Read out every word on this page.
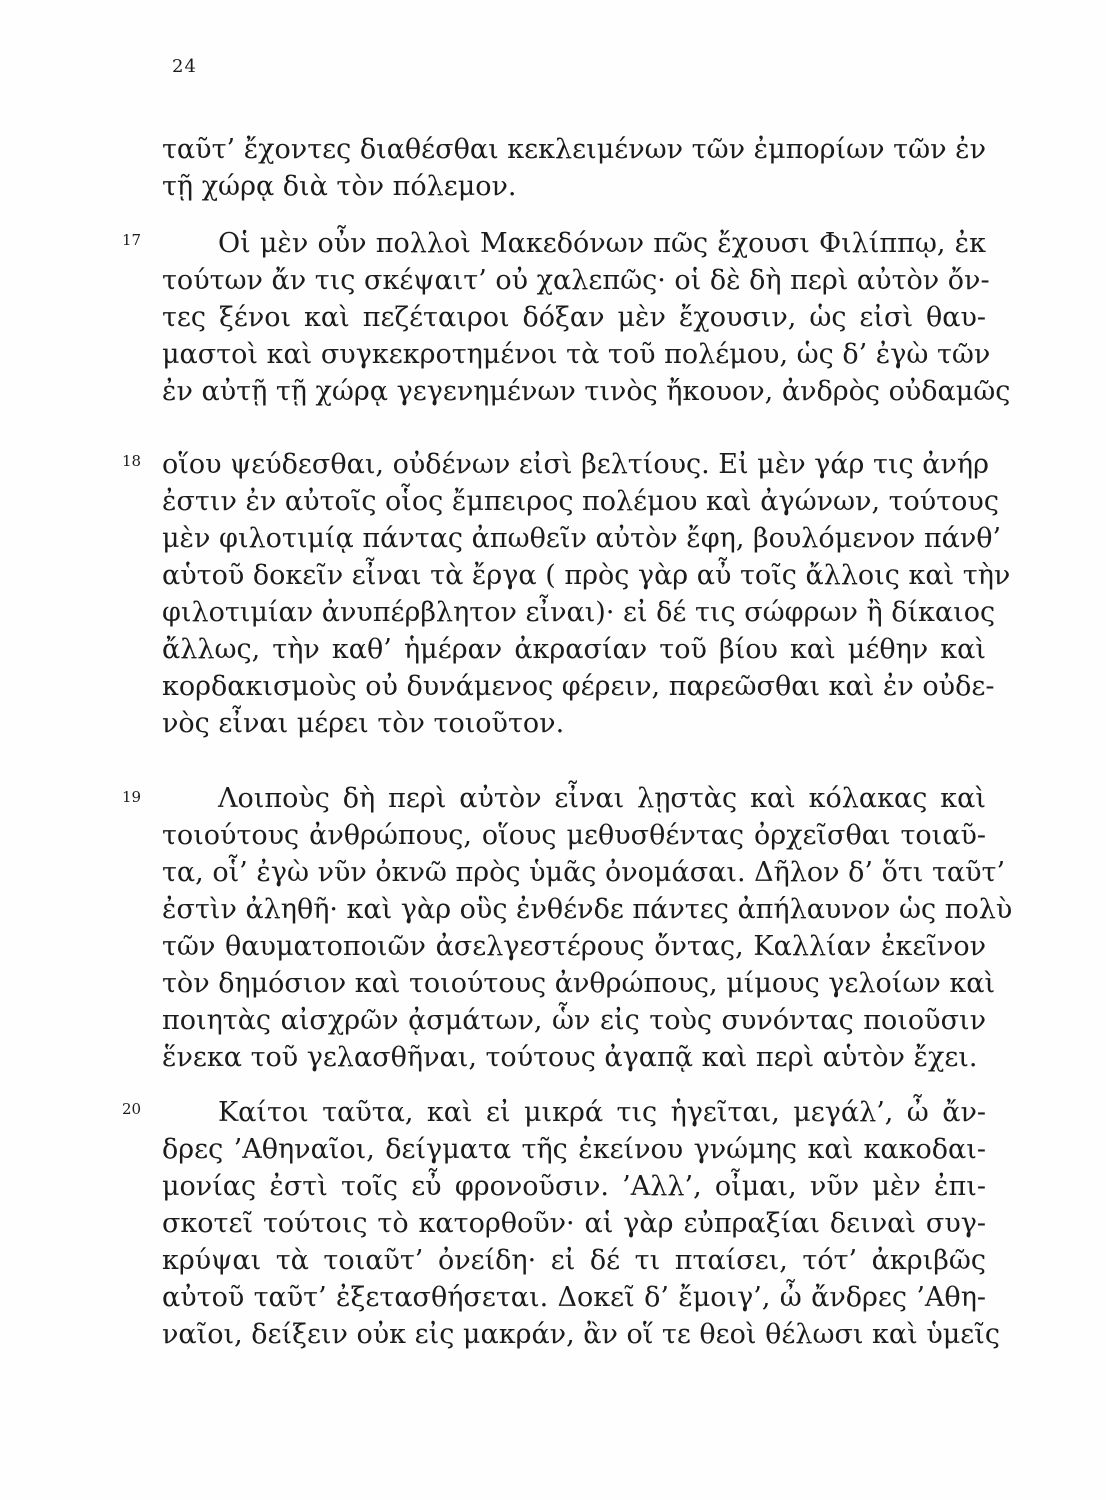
24
17
18
19
20
ταῦτ’ ἔχοντες διαθέσθαι κεκλειμένων τῶν ἐμπορίων τῶν ἐν
τῇ χώρᾳ διὰ τὸν πόλεμον.
Οἱ μὲν οὖν πολλοὶ Μακεδόνων πῶς ἔχουσι Φιλίππῳ, ἐκ
τούτων ἄν τις σκέψαιτ’ οὐ χαλεπῶς· οἱ δὲ δὴ περὶ αὐτὸν ὄν-
τες ξένοι καὶ πεζέταιροι δόξαν μὲν ἔχουσιν, ὡς εἰσὶ θαυ-
μαστοὶ καὶ συγκεκροτημένοι τὰ τοῦ πολέμου, ὡς δ’ ἐγὼ τῶν
ἐν αὐτῇ τῇ χώρᾳ γεγενημένων τινὸς ἤκουον, ἀνδρὸς οὐδαμῶς
οἵου ψεύδεσθαι, οὐδένων εἰσὶ βελτίους. Εἰ μὲν γάρ τις ἀνήρ
ἐστιν ἐν αὐτοῖς οἷος ἔμπειρος πολέμου καὶ ἀγώνων, τούτους
μὲν φιλοτιμίᾳ πάντας ἀπωθεῖν αὐτὸν ἔφη, βουλόμενον πάνθ’
αὑτοῦ δοκεῖν εἶναι τὰ ἔργα ( πρὸς γὰρ αὖ τοῖς ἄλλοις καὶ τὴν
φιλοτιμίαν ἀνυπέρβλητον εἶναι)· εἰ δέ τις σώφρων ἢ δίκαιος
ἄλλως, τὴν καθ’ ἡμέραν ἀκρασίαν τοῦ βίου καὶ μέθην καὶ
κορδακισμοὺς οὐ δυνάμενος φέρειν, παρεῶσθαι καὶ ἐν οὐδε-
νὸς εἶναι μέρει τὸν τοιοῦτον.
Λοιποὺς δὴ περὶ αὐτὸν εἶναι λῃστὰς καὶ κόλακας καὶ
τοιούτους ἀνθρώπους, οἵους μεθυσθέντας ὀρχεῖσθαι τοιαῦ-
τα, οἷ’ ἐγὼ νῦν ὀκνῶ πρὸς ὑμᾶς ὀνομάσαι. Δῆλον δ’ ὅτι ταῦτ’
ἐστὶν ἀληθῆ· καὶ γὰρ οὓς ἐνθένδε πάντες ἀπήλαυνον ὡς πολὺ
τῶν θαυματοποιῶν ἀσελγεστέρους ὄντας, Καλλίαν ἐκεῖνον
τὸν δημόσιον καὶ τοιούτους ἀνθρώπους, μίμους γελοίων καὶ
ποιητὰς αἰσχρῶν ᾀσμάτων, ὧν εἰς τοὺς συνόντας ποιοῦσιν
ἕνεκα τοῦ γελασθῆναι, τούτους ἀγαπᾷ καὶ περὶ αὑτὸν ἔχει.
Καίτοι ταῦτα, καὶ εἰ μικρά τις ἡγεῖται, μεγάλ’, ὦ ἄν-
δρες ’Αθηναῖοι, δείγματα τῆς ἐκείνου γνώμης καὶ κακοδαι-
μονίας ἐστὶ τοῖς εὖ φρονοῦσιν. ’Αλλ’, οἶμαι, νῦν μὲν ἐπι-
σκοτεῖ τούτοις τὸ κατορθοῦν· αἱ γὰρ εὐπραξίαι δειναὶ συγ-
κρύψαι τὰ τοιαῦτ’ ὀνείδη· εἰ δέ τι πταίσει, τότ’ ἀκριβῶς
αὐτοῦ ταῦτ’ ἐξετασθήσεται. Δοκεῖ δ’ ἔμοιγ’, ὦ ἄνδρες ’Αθη-
ναῖοι, δείξειν οὐκ εἰς μακράν, ἂν οἵ τε θεοὶ θέλωσι καὶ ὑμεῖς
